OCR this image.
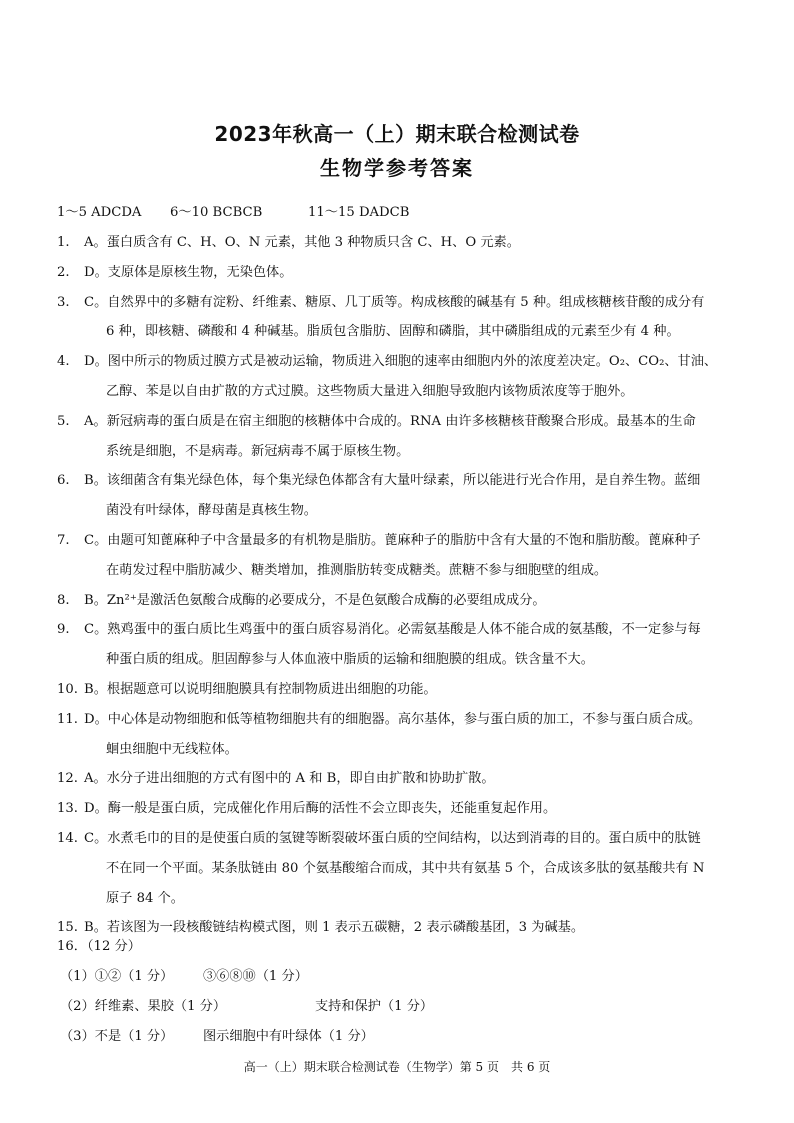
2023年秋高一（上）期末联合检测试卷
生物学参考答案
1～5 ADCDA 6～10 BCBCB	11～15 DADCB
1. A。蛋白质含有 C、H、O、N 元素，其他 3 种物质只含 C、H、O 元素。
2. D。支原体是原核生物，无染色体。
3. C。自然界中的多糖有淀粉、纤维素、糖原、几丁质等。构成核酸的碱基有 5 种。组成核糖核苷酸的成分有
6 种，即核糖、磷酸和 4 种碱基。脂质包含脂肪、固醇和磷脂，其中磷脂组成的元素至少有 4 种。
4. D。图中所示的物质过膜方式是被动运输，物质进入细胞的速率由细胞内外的浓度差决定。O₂、CO₂、甘油、
乙醇、苯是以自由扩散的方式过膜。这些物质大量进入细胞导致胞内该物质浓度等于胞外。
5. A。新冠病毒的蛋白质是在宿主细胞的核糖体中合成的。RNA 由许多核糖核苷酸聚合形成。最基本的生命
系统是细胞，不是病毒。新冠病毒不属于原核生物。
6. B。该细菌含有集光绿色体，每个集光绿色体都含有大量叶绿素，所以能进行光合作用，是自养生物。蓝细
菌没有叶绿体，酵母菌是真核生物。
7. C。由题可知蓖麻种子中含量最多的有机物是脂肪。蓖麻种子的脂肪中含有大量的不饱和脂肪酸。蓖麻种子
在萌发过程中脂肪减少、糖类增加，推测脂肪转变成糖类。蔗糖不参与细胞壁的组成。
8. B。Zn²⁺是激活色氨酸合成酶的必要成分，不是色氨酸合成酶的必要组成成分。
9. C。熟鸡蛋中的蛋白质比生鸡蛋中的蛋白质容易消化。必需氨基酸是人体不能合成的氨基酸，不一定参与每
种蛋白质的组成。胆固醇参与人体血液中脂质的运输和细胞膜的组成。铁含量不大。
10. B。根据题意可以说明细胞膜具有控制物质进出细胞的功能。
11. D。中心体是动物细胞和低等植物细胞共有的细胞器。高尔基体，参与蛋白质的加工，不参与蛋白质合成。
蛔虫细胞中无线粒体。
12. A。水分子进出细胞的方式有图中的 A 和 B，即自由扩散和协助扩散。
13. D。酶一般是蛋白质，完成催化作用后酶的活性不会立即丧失，还能重复起作用。
14. C。水煮毛巾的目的是使蛋白质的氢键等断裂破坏蛋白质的空间结构，以达到消毒的目的。蛋白质中的肽链
不在同一个平面。某条肽链由 80 个氨基酸缩合而成，其中共有氨基 5 个，合成该多肽的氨基酸共有 N
原子 84 个。
15. B。若该图为一段核酸链结构模式图，则 1 表示五碳糖，2 表示磷酸基团，3 为碱基。
16．（12 分）
（1）①②（1 分） ③⑥⑧⑩（1 分）
（2）纤维素、果胶（1 分）	支持和保护（1 分）
（3）不是（1 分） 图示细胞中有叶绿体（1 分）
高一（上）期末联合检测试卷（生物学）第 5 页　共 6 页
